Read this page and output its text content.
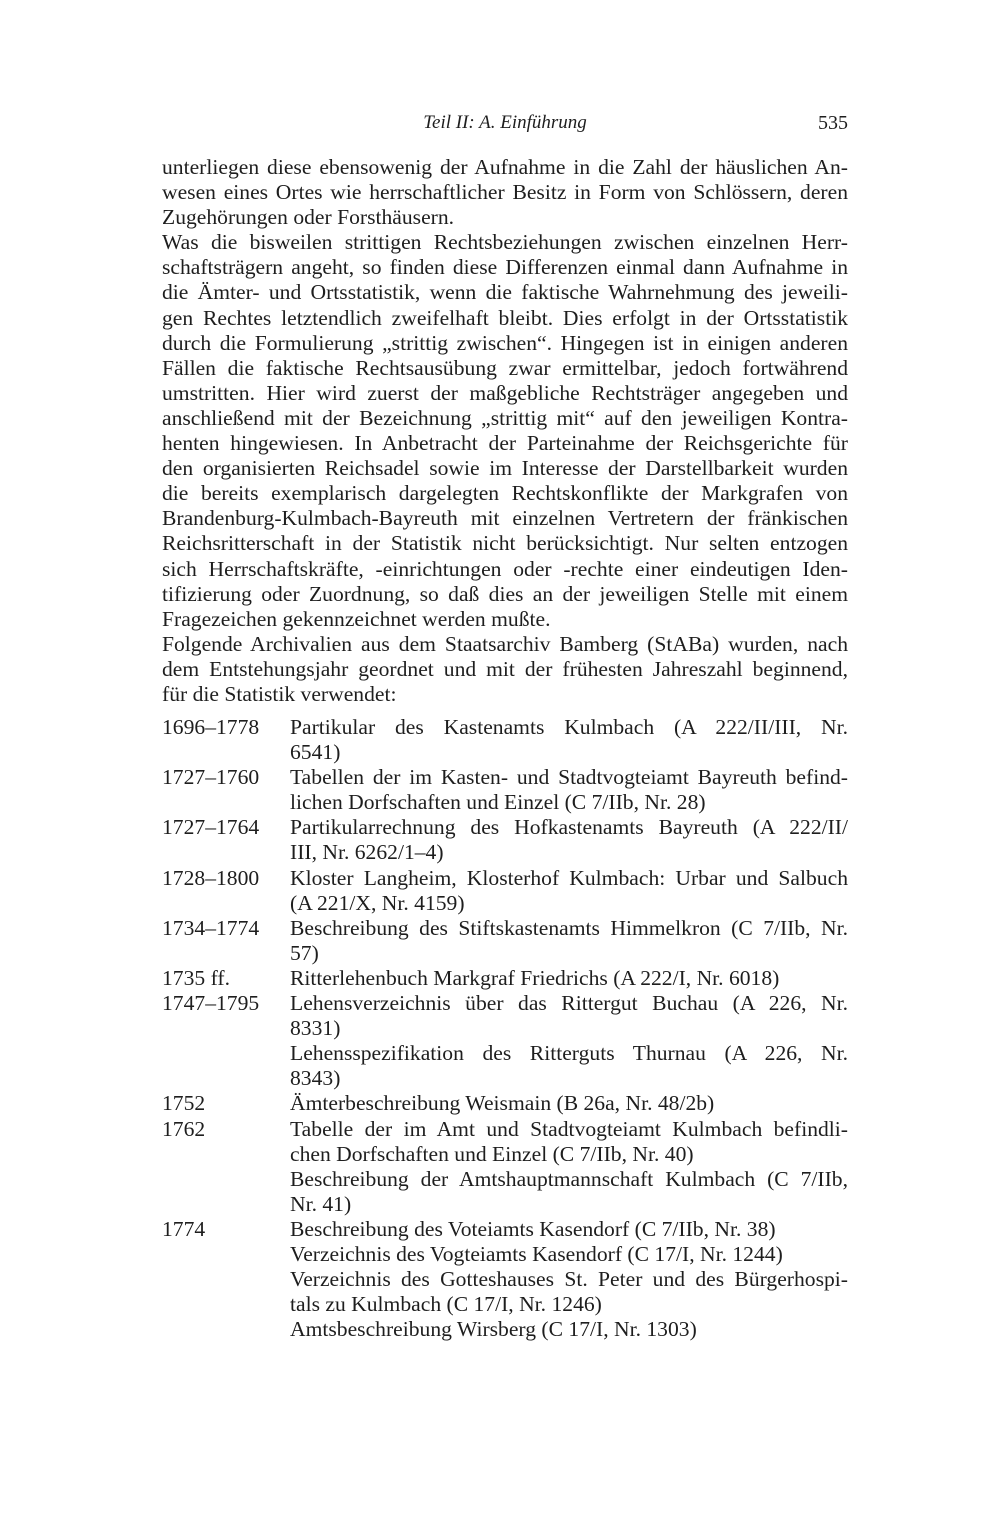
Teil II: A. Einführung	535

unterliegen diese ebensowenig der Aufnahme in die Zahl der häuslichen An-
wesen eines Ortes wie herrschaftlicher Besitz in Form von Schlössern, deren
Zugehörungen oder Forsthäusern.

Was die bisweilen strittigen Rechtsbeziehungen zwischen einzelnen Herr-
schaftsträgern angeht, so finden diese Differenzen einmal dann Aufnahme in
die Ämter- und Ortsstatistik, wenn die faktische Wahrnehmung des jeweili-
gen Rechtes letztendlich zweifelhaft bleibt. Dies erfolgt in der Ortsstatistik
durch die Formulierung „strittig zwischen“. Hingegen ist in einigen anderen
Fällen die faktische Rechtsausübung zwar ermittelbar, jedoch fortwährend
umstritten. Hier wird zuerst der maßgebliche Rechtsträger angegeben und
anschließend mit der Bezeichnung „strittig mit“ auf den jeweiligen Kontra-
henten hingewiesen. In Anbetracht der Parteinahme der Reichsgerichte für
den organisierten Reichsadel sowie im Interesse der Darstellbarkeit wurden
die bereits exemplarisch dargelegten Rechtskonflikte der Markgrafen von
Brandenburg-Kulmbach-Bayreuth mit einzelnen Vertretern der fränkischen
Reichsritterschaft in der Statistik nicht berücksichtigt. Nur selten entzogen
sich Herrschaftskräfte, -einrichtungen oder -rechte einer eindeutigen Iden-
tifizierung oder Zuordnung, so daß dies an der jeweiligen Stelle mit einem
Fragezeichen gekennzeichnet werden mußte.

Folgende Archivalien aus dem Staatsarchiv Bamberg (StABa) wurden, nach
dem Entstehungsjahr geordnet und mit der frühesten Jahreszahl beginnend,
für die Statistik verwendet:

1696–1778	Partikular des Kastenamts Kulmbach (A 222/II/III, Nr.
6541)
1727–1760	Tabellen der im Kasten- und Stadtvogteiamt Bayreuth befind-
lichen Dorfschaften und Einzel (C 7/IIb, Nr. 28)
1727–1764	Partikularrechnung des Hofkastenamts Bayreuth (A 222/II/
III, Nr. 6262/1–4)
1728–1800	Kloster Langheim, Klosterhof Kulmbach: Urbar und Salbuch
(A 221/X, Nr. 4159)
1734–1774	Beschreibung des Stiftskastenamts Himmelkron (C 7/IIb, Nr.
57)
1735 ff.	Ritterlehenbuch Markgraf Friedrichs (A 222/I, Nr. 6018)
1747–1795	Lehensverzeichnis über das Rittergut Buchau (A 226, Nr.
8331)
Lehensspezifikation des Ritterguts Thurnau (A 226, Nr.
8343)
1752	Ämterbeschreibung Weismain (B 26a, Nr. 48/2b)
1762	Tabelle der im Amt und Stadtvogteiamt Kulmbach befindli-
chen Dorfschaften und Einzel (C 7/IIb, Nr. 40)
Beschreibung der Amtshauptmannschaft Kulmbach (C 7/IIb,
Nr. 41)
1774	Beschreibung des Voteiamts Kasendorf (C 7/IIb, Nr. 38)
Verzeichnis des Vogteiamts Kasendorf (C 17/I, Nr. 1244)
Verzeichnis des Gotteshauses St. Peter und des Bürgerhospi-
tals zu Kulmbach (C 17/I, Nr. 1246)
Amtsbeschreibung Wirsberg (C 17/I, Nr. 1303)
